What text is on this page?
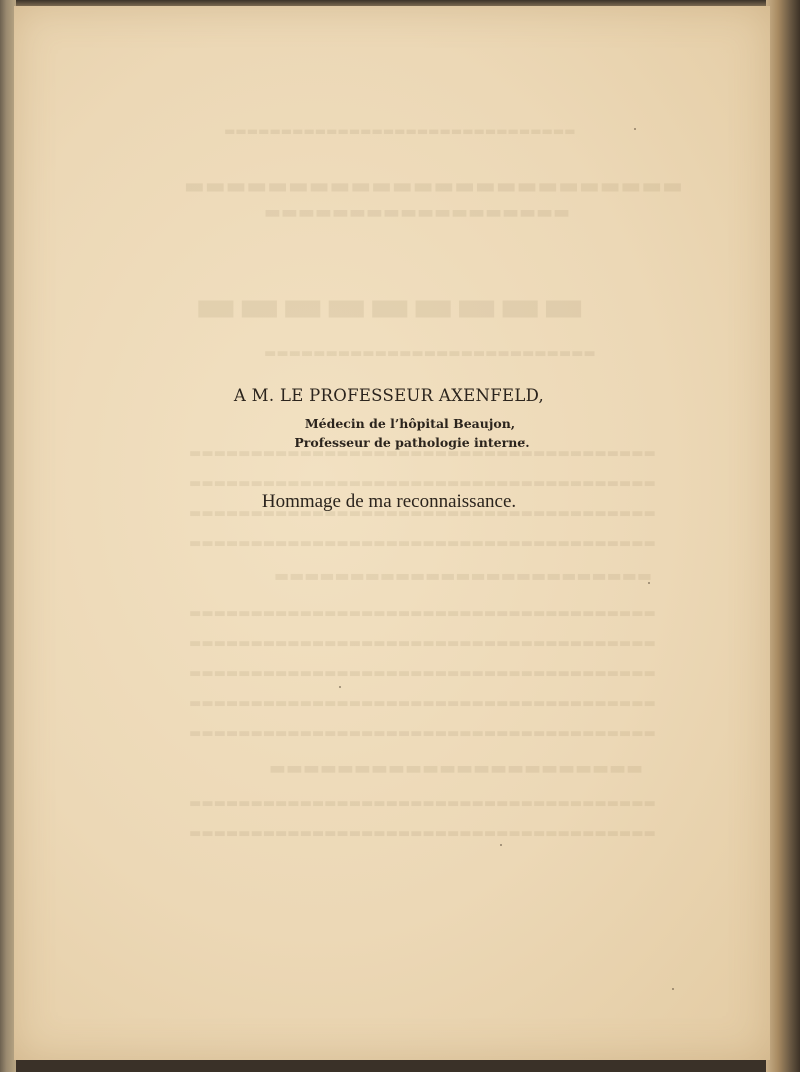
▬▬▬▬▬▬▬▬▬▬▬▬▬▬▬▬▬▬▬▬▬▬▬▬▬▬▬▬▬▬▬
▬▬▬▬▬▬▬▬▬▬▬▬▬▬▬▬▬▬▬▬▬▬▬▬
▬▬▬▬▬▬▬▬▬▬▬▬▬▬▬▬▬▬
▬▬▬▬▬▬▬▬▬
▬▬▬▬▬▬▬▬▬▬▬▬▬▬▬▬▬▬▬▬▬▬▬▬▬▬▬
▬▬▬▬▬▬▬▬▬▬▬▬▬▬▬▬▬▬▬▬▬▬▬▬▬▬▬▬▬▬▬▬▬▬▬▬▬▬
▬▬▬▬▬▬▬▬▬▬▬▬▬▬▬▬▬▬▬▬▬▬▬▬▬▬▬▬▬▬▬▬▬▬▬▬▬▬
▬▬▬▬▬▬▬▬▬▬▬▬▬▬▬▬▬▬▬▬▬▬▬▬▬▬▬▬▬▬▬▬▬▬▬▬▬▬
▬▬▬▬▬▬▬▬▬▬▬▬▬▬▬▬▬▬▬▬▬▬▬▬▬▬▬▬▬▬▬▬▬▬▬▬▬▬
▬▬▬▬▬▬▬▬▬▬▬▬▬▬▬▬▬▬▬▬▬▬▬▬▬
▬▬▬▬▬▬▬▬▬▬▬▬▬▬▬▬▬▬▬▬▬▬▬▬▬▬▬▬▬▬▬▬▬▬▬▬▬▬
▬▬▬▬▬▬▬▬▬▬▬▬▬▬▬▬▬▬▬▬▬▬▬▬▬▬▬▬▬▬▬▬▬▬▬▬▬▬
▬▬▬▬▬▬▬▬▬▬▬▬▬▬▬▬▬▬▬▬▬▬▬▬▬▬▬▬▬▬▬▬▬▬▬▬▬▬
▬▬▬▬▬▬▬▬▬▬▬▬▬▬▬▬▬▬▬▬▬▬▬▬▬▬▬▬▬▬▬▬▬▬▬▬▬▬
▬▬▬▬▬▬▬▬▬▬▬▬▬▬▬▬▬▬▬▬▬▬▬▬▬▬▬▬▬▬▬▬▬▬▬▬▬▬
▬▬▬▬▬▬▬▬▬▬▬▬▬▬▬▬▬▬▬▬▬▬
▬▬▬▬▬▬▬▬▬▬▬▬▬▬▬▬▬▬▬▬▬▬▬▬▬▬▬▬▬▬▬▬▬▬▬▬▬▬
▬▬▬▬▬▬▬▬▬▬▬▬▬▬▬▬▬▬▬▬▬▬▬▬▬▬▬▬▬▬▬▬▬▬▬▬▬▬

A M. LE PROFESSEUR AXENFELD,

Médecin de l’hôpital Beaujon,

Professeur de pathologie interne.

Hommage de ma reconnaissance.
